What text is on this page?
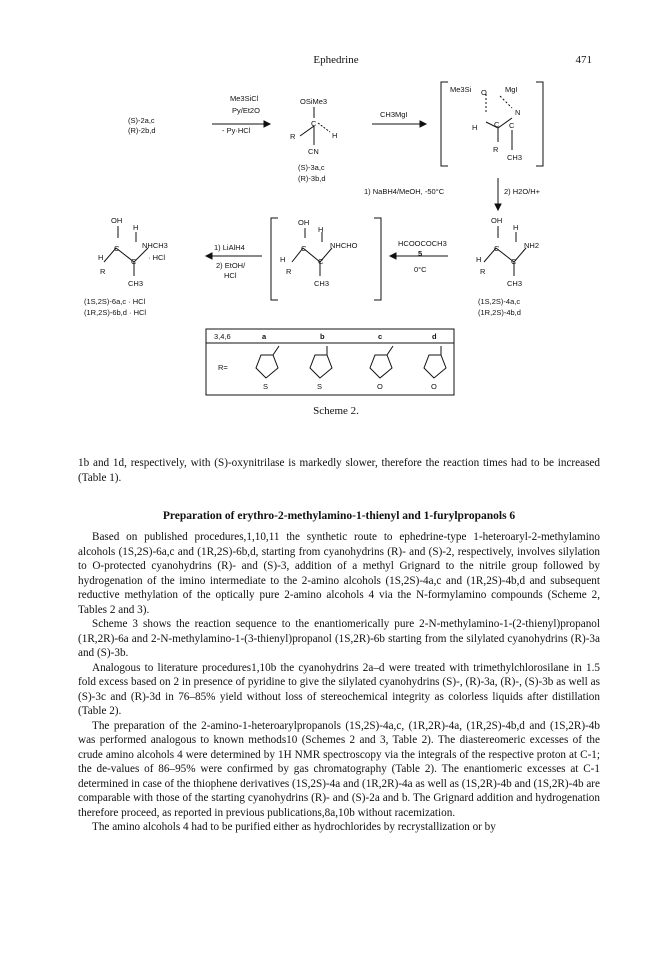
Ephedrine	471
(S)-2a,c
(R)-2b,d
Me3SiCl
Py/Et2O
- Py·HCl
OSiMe3
C
R	H
CN
(S)-3a,c
(R)-3b,d
CH3MgI
Me3Si O MgI
N
H C C
R
CH3
1) NaBH4/MeOH, -50°C	2) H2O/H+
OH
H
H
C
C
NHCH3
· HCl
R
CH3
(1S,2S)-6a,c · HCl
(1R,2S)-6b,d · HCl
1) LiAlH4
2) EtOH/
HCl
OH
H
H
C
C
NHCHO
R
CH3
HCOOCOCH3
5
0°C
OH
H
H
C
C
NH2
R
CH3
(1S,2S)-4a,c
(1R,2S)-4b,d
3,4,6	a	b	c	d
R=
S	S	O	O
Scheme 2.

1b and 1d, respectively, with (S)-oxynitrilase is markedly slower, therefore the reaction times had to be increased (Table 1).

Preparation of erythro-2-methylamino-1-thienyl and 1-furylpropanols 6

Based on published procedures,1,10,11 the synthetic route to ephedrine-type 1-heteroaryl-2-methylamino alcohols (1S,2S)-6a,c and (1R,2S)-6b,d, starting from cyanohydrins (R)- and (S)-2, respectively, involves silylation to O-protected cyanohydrins (R)- and (S)-3, addition of a methyl Grignard to the nitrile group followed by hydrogenation of the imino intermediate to the 2-amino alcohols (1S,2S)-4a,c and (1R,2S)-4b,d and subsequent reductive methylation of the optically pure 2-amino alcohols 4 via the N-formylamino compounds (Scheme 2, Tables 2 and 3).

Scheme 3 shows the reaction sequence to the enantiomerically pure 2-N-methylamino-1-(2-thienyl)propanol (1R,2R)-6a and 2-N-methylamino-1-(3-thienyl)propanol (1S,2R)-6b starting from the silylated cyanohydrins (R)-3a and (S)-3b.

Analogous to literature procedures1,10b the cyanohydrins 2a–d were treated with trimethylchlorosilane in 1.5 fold excess based on 2 in presence of pyridine to give the silylated cyanohydrins (S)-, (R)-3a, (R)-, (S)-3b as well as (S)-3c and (R)-3d in 76–85% yield without loss of stereochemical integrity as colorless liquids after distillation (Table 2).

The preparation of the 2-amino-1-heteroarylpropanols (1S,2S)-4a,c, (1R,2R)-4a, (1R,2S)-4b,d and (1S,2R)-4b was performed analogous to known methods10 (Schemes 2 and 3, Table 2). The diastereomeric excesses of the crude amino alcohols 4 were determined by 1H NMR spectroscopy via the integrals of the respective proton at C-1; the de-values of 86–95% were confirmed by gas chromatography (Table 2). The enantiomeric excesses at C-1 determined in case of the thiophene derivatives (1S,2S)-4a and (1R,2R)-4a as well as (1S,2R)-4b and (1S,2R)-4b are comparable with those of the starting cyanohydrins (R)- and (S)-2a and b. The Grignard addition and hydrogenation therefore proceed, as reported in previous publications,8a,10b without racemization.

The amino alcohols 4 had to be purified either as hydrochlorides by recrystallization or by
